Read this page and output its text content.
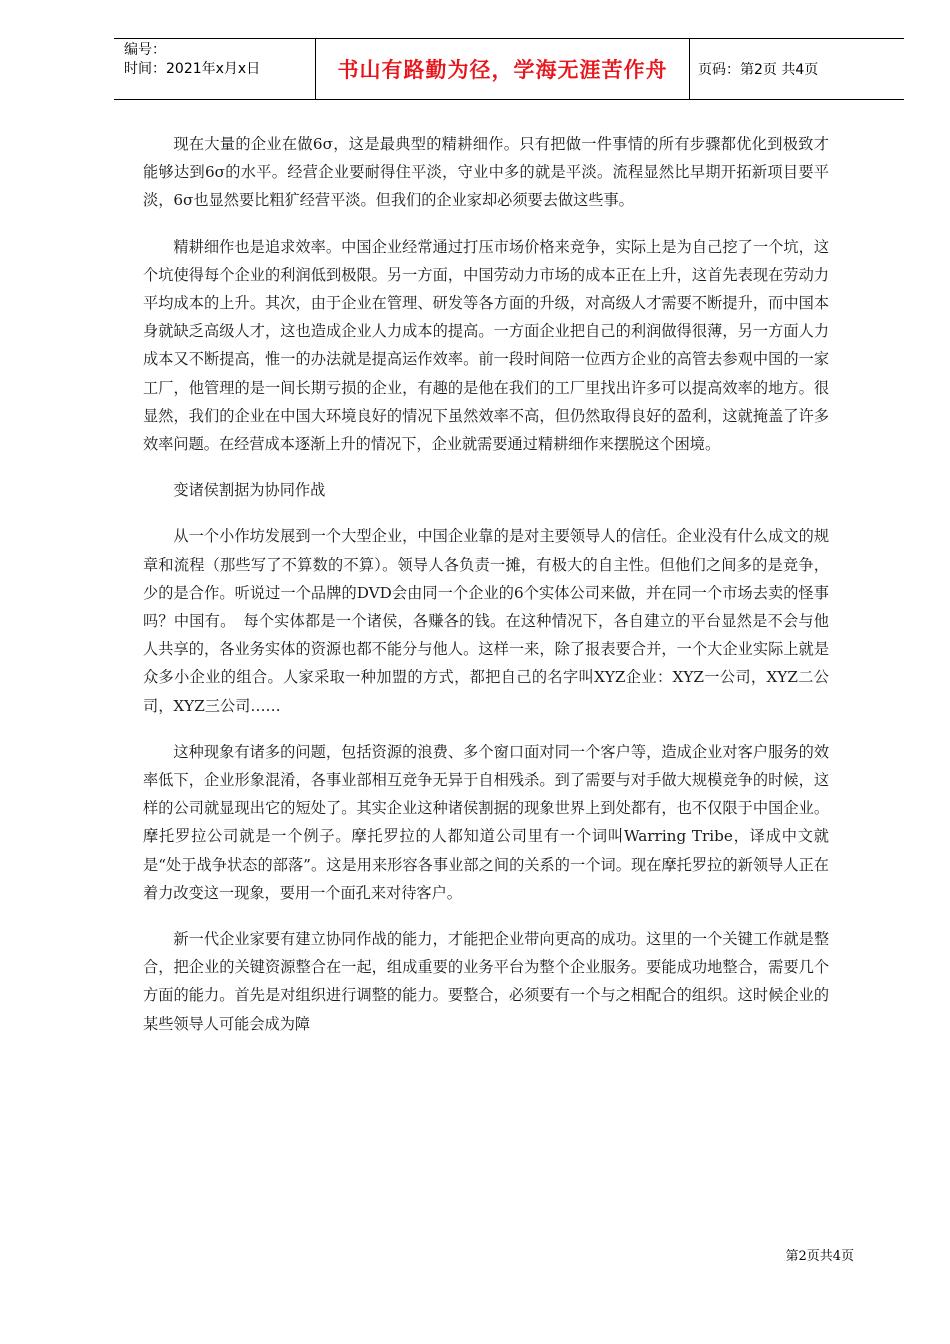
编号：
时间：2021年x月x日	书山有路勤为径，学海无涯苦作舟	页码：第2页 共4页

现在大量的企业在做6σ，这是最典型的精耕细作。只有把做一件事情的所有步骤都优化到极致才能够达到6σ的水平。经营企业要耐得住平淡，守业中多的就是平淡。流程显然比早期开拓新项目要平淡，6σ也显然要比粗犷经营平淡。但我们的企业家却必须要去做这些事。

精耕细作也是追求效率。中国企业经常通过打压市场价格来竞争，实际上是为自己挖了一个坑，这个坑使得每个企业的利润低到极限。另一方面，中国劳动力市场的成本正在上升，这首先表现在劳动力平均成本的上升。其次，由于企业在管理、研发等各方面的升级，对高级人才需要不断提升，而中国本身就缺乏高级人才，这也造成企业人力成本的提高。一方面企业把自己的利润做得很薄，另一方面人力成本又不断提高，惟一的办法就是提高运作效率。前一段时间陪一位西方企业的高管去参观中国的一家工厂，他管理的是一间长期亏损的企业，有趣的是他在我们的工厂里找出许多可以提高效率的地方。很显然，我们的企业在中国大环境良好的情况下虽然效率不高，但仍然取得良好的盈利，这就掩盖了许多效率问题。在经营成本逐渐上升的情况下，企业就需要通过精耕细作来摆脱这个困境。

变诸侯割据为协同作战

从一个小作坊发展到一个大型企业，中国企业靠的是对主要领导人的信任。企业没有什么成文的规章和流程（那些写了不算数的不算）。领导人各负责一摊，有极大的自主性。但他们之间多的是竞争，少的是合作。听说过一个品牌的DVD会由同一个企业的6个实体公司来做，并在同一个市场去卖的怪事吗？中国有。　每个实体都是一个诸侯，各赚各的钱。在这种情况下，各自建立的平台显然是不会与他人共享的，各业务实体的资源也都不能分与他人。这样一来，除了报表要合并，一个大企业实际上就是众多小企业的组合。人家采取一种加盟的方式，都把自己的名字叫XYZ企业：XYZ一公司，XYZ二公司，XYZ三公司……

这种现象有诸多的问题，包括资源的浪费、多个窗口面对同一个客户等，造成企业对客户服务的效率低下，企业形象混淆，各事业部相互竞争无异于自相残杀。到了需要与对手做大规模竞争的时候，这样的公司就显现出它的短处了。其实企业这种诸侯割据的现象世界上到处都有，也不仅限于中国企业。摩托罗拉公司就是一个例子。摩托罗拉的人都知道公司里有一个词叫Warring Tribe，译成中文就是“处于战争状态的部落”。这是用来形容各事业部之间的关系的一个词。现在摩托罗拉的新领导人正在着力改变这一现象，要用一个面孔来对待客户。

新一代企业家要有建立协同作战的能力，才能把企业带向更高的成功。这里的一个关键工作就是整合，把企业的关键资源整合在一起，组成重要的业务平台为整个企业服务。要能成功地整合，需要几个方面的能力。首先是对组织进行调整的能力。要整合，必须要有一个与之相配合的组织。这时候企业的某些领导人可能会成为障

第2页共4页
